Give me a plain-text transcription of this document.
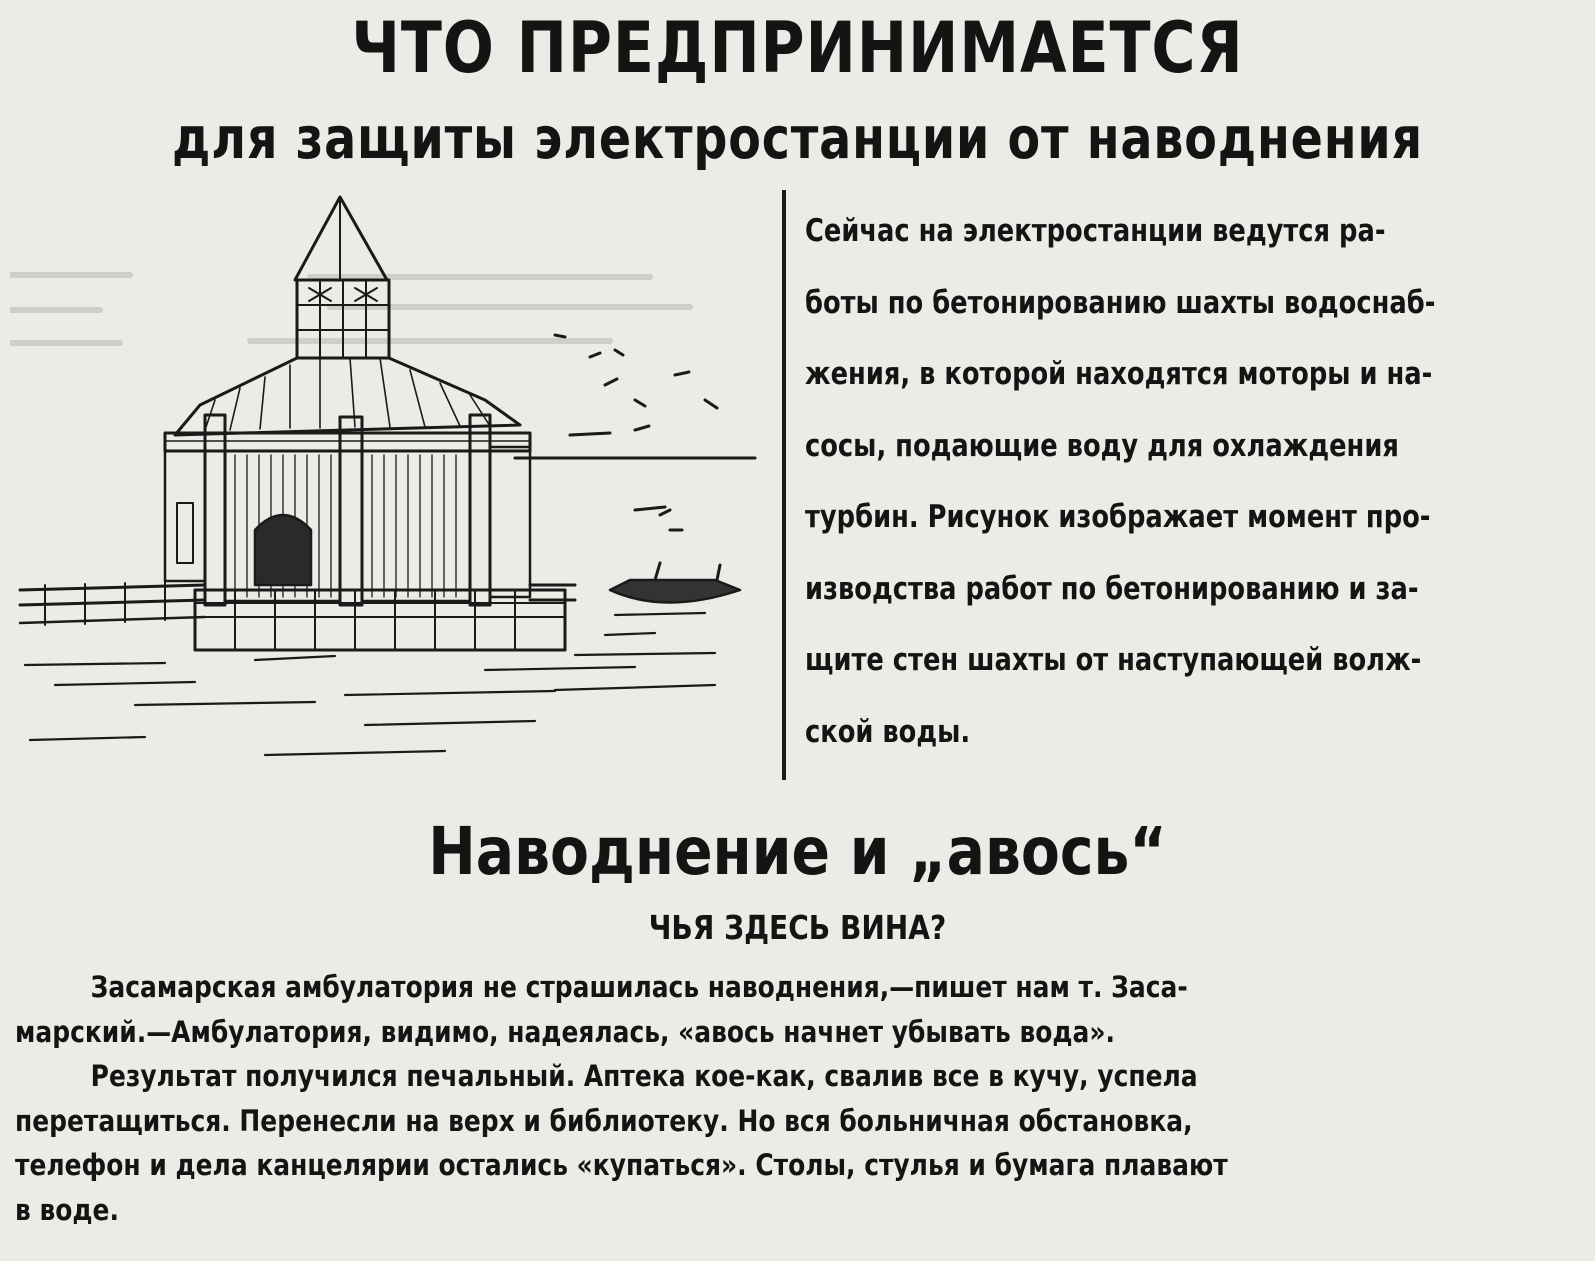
ЧТО ПРЕДПРИНИМАЕТСЯ
для защиты электростанции от наводнения
Сейчас на электростанции ведутся ра-
боты по бетонированию шахты водоснаб-
жения, в которой находятся моторы и на-
сосы, подающие воду для охлаждения
турбин. Рисунок изображает момент про-
изводства работ по бетонированию и за-
щите стен шахты от наступающей волж-
ской воды.
Наводнение и „авось“
ЧЬЯ ЗДЕСЬ ВИНА?
Засамарская амбулатория не страшилась наводнения,—пишет нам т. Заса-
марский.—Амбулатория, видимо, надеялась, «авось начнет убывать вода».
Результат получился печальный. Аптека кое-как, свалив все в кучу, успела
перетащиться. Перенесли на верх и библиотеку. Но вся больничная обстановка,
телефон и дела канцелярии остались «купаться». Столы, стулья и бумага плавают
в воде.
